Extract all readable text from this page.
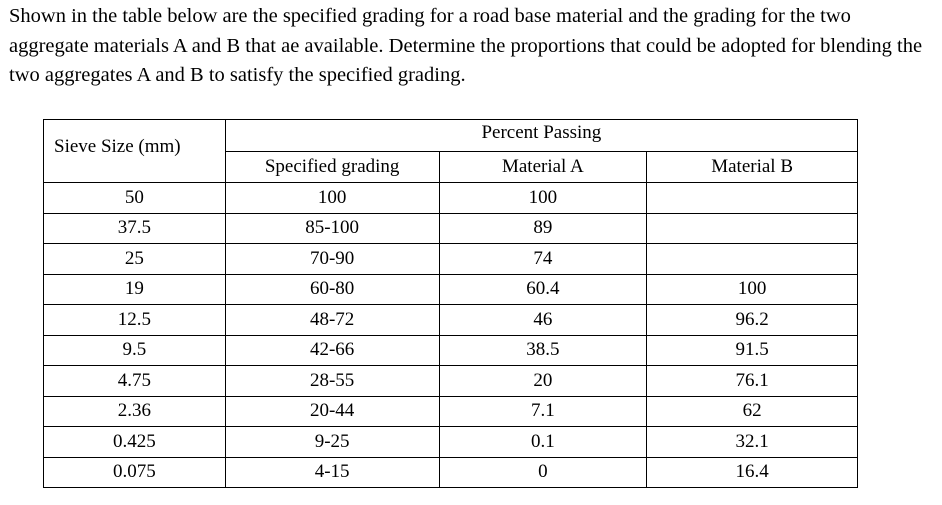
Shown in the table below are the specified grading for a road base material and the grading for the two aggregate materials A and B that ae available. Determine the proportions that could be adopted for blending the two aggregates A and B to satisfy the specified grading.

Sieve Size (mm)	Percent Passing		
	Specified grading	Material A	Material B
50	100	100	
37.5	85-100	89	
25	70-90	74	
19	60-80	60.4	100
12.5	48-72	46	96.2
9.5	42-66	38.5	91.5
4.75	28-55	20	76.1
2.36	20-44	7.1	62
0.425	9-25	0.1	32.1
0.075	4-15	0	16.4
